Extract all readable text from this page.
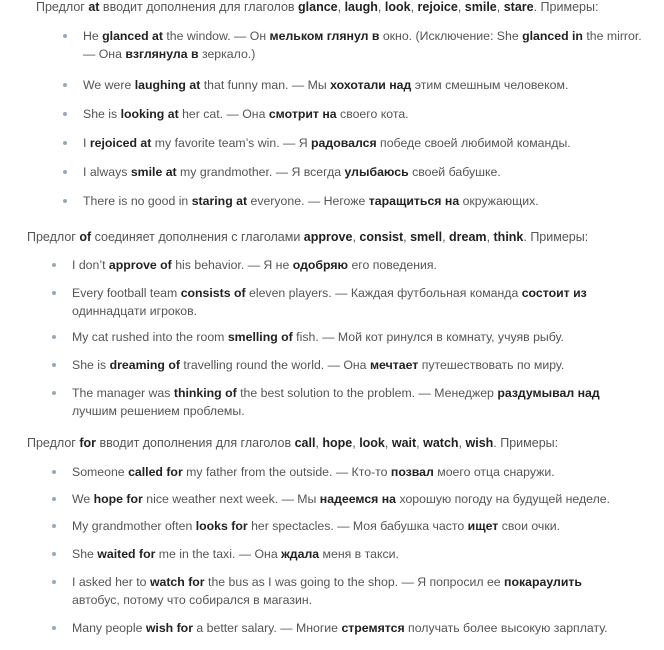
Предлог at вводит дополнения для глаголов glance, laugh, look, rejoice, smile, stare. Примеры:

He glanced at the window. — Он мельком глянул в окно. (Исключение: She glanced in the mirror. — Она взглянула в зеркало.)
We were laughing at that funny man. — Мы хохотали над этим смешным человеком.
She is looking at her cat. — Она смотрит на своего кота.
I rejoiced at my favorite team’s win. — Я радовался победе своей любимой команды.
I always smile at my grandmother. — Я всегда улыбаюсь своей бабушке.
There is no good in staring at everyone. — Негоже таращиться на окружающих.

Предлог of соединяет дополнения с глаголами approve, consist, smell, dream, think. Примеры:

I don’t approve of his behavior. — Я не одобряю его поведения.
Every football team consists of eleven players. — Каждая футбольная команда состоит из одиннадцати игроков.
My cat rushed into the room smelling of fish. — Мой кот ринулся в комнату, учуяв рыбу.
She is dreaming of travelling round the world. — Она мечтает путешествовать по миру.
The manager was thinking of the best solution to the problem. — Менеджер раздумывал над лучшим решением проблемы.

Предлог for вводит дополнения для глаголов call, hope, look, wait, watch, wish. Примеры:

Someone called for my father from the outside. — Кто-то позвал моего отца снаружи.
We hope for nice weather next week. — Мы надеемся на хорошую погоду на будущей неделе.
My grandmother often looks for her spectacles. — Моя бабушка часто ищет свои очки.
She waited for me in the taxi. — Она ждала меня в такси.
I asked her to watch for the bus as I was going to the shop. — Я попросил ее покараулить автобус, потому что собирался в магазин.
Many people wish for a better salary. — Многие стремятся получать более высокую зарплату.
